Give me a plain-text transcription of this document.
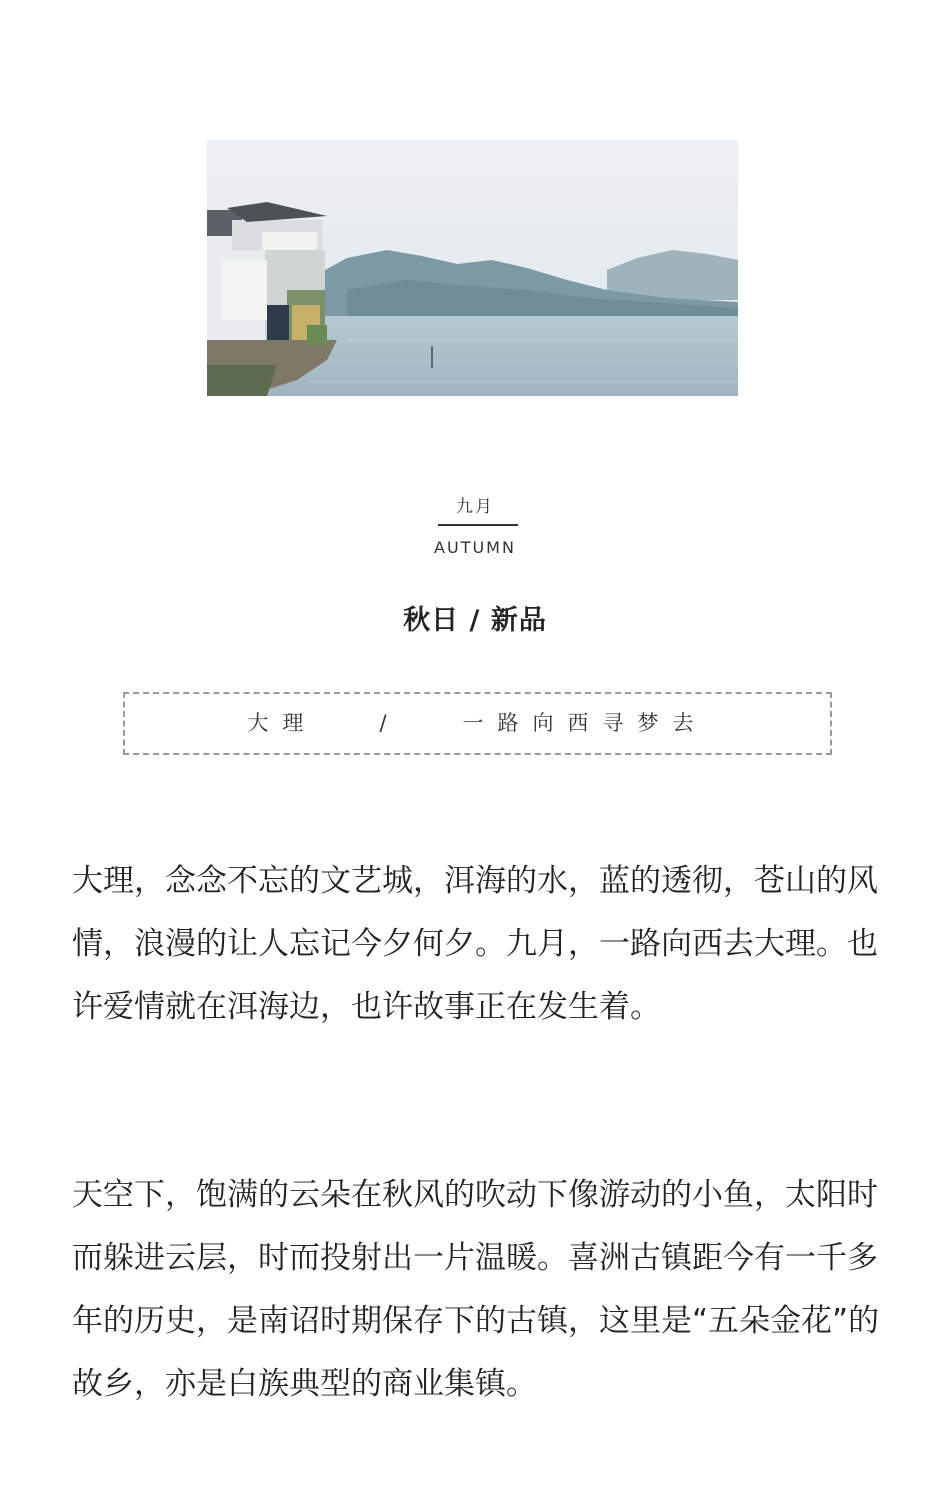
九月
AUTUMN
秋日 / 新品
大理   /   一路向西寻梦去

大理，念念不忘的文艺城，洱海的水，蓝的透彻，苍山的风情，浪漫的让人忘记今夕何夕。九月，一路向西去大理。也许爱情就在洱海边，也许故事正在发生着。

天空下，饱满的云朵在秋风的吹动下像游动的小鱼，太阳时而躲进云层，时而投射出一片温暖。喜洲古镇距今有一千多年的历史，是南诏时期保存下的古镇，这里是“五朵金花”的故乡，亦是白族典型的商业集镇。
